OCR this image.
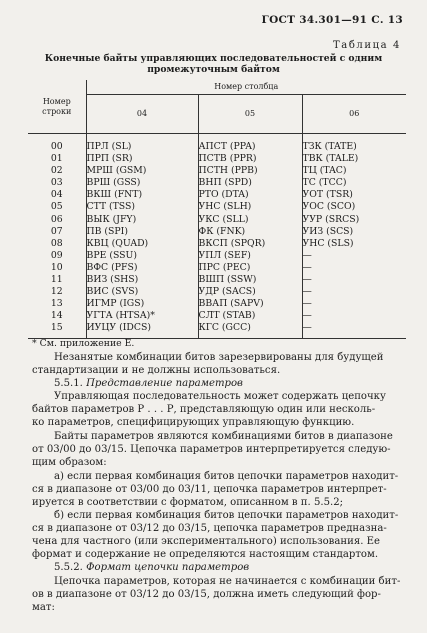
ГОСТ 34.301—91 С. 13
Таблица 4
Конечные байты управляющих последовательностей с одним
промежуточным байтом
Номер
строки	Номер столбца		
	04	05	06
00	ПРЛ (SL)	АПСТ (PPA)	ТЗК (TATE)
01	ПРП (SR)	ПСТВ (PPR)	ТВК (TALE)
02	МРШ (GSM)	ПСТН (PPB)	ТЦ (TAC)
03	ВРШ (GSS)	ВНП (SPD)	ТС (TCC)
04	ВКШ (FNT)	РТО (DTA)	УОТ (TSR)
05	СТТ (TSS)	УНС (SLH)	УОС (SCO)
06	ВЫК (JFY)	УКС (SLL)	УУР (SRCS)
07	ПВ (SPI)	ФК (FNK)	УИЗ (SCS)
08	КВЦ (QUAD)	ВКСП (SPQR)	УНС (SLS)
09	ВРЕ (SSU)	УПЛ (SEF)	—
10	ВФС (PFS)	ПРС (PEC)	—
11	ВИЗ (SHS)	ВШП (SSW)	—
12	ВИС (SVS)	УДР (SACS)	—
13	ИГМР (IGS)	ВВАП (SAPV)	—
14	УГТА (HTSA)*	СЛТ (STAB)	—
15	ИУЦУ (IDCS)	КГС (GCC)	—
* См. приложение Е.
Незанятые комбинации битов зарезервированы для будущей
стандартизации и не должны использоваться.
5.5.1. Представление параметров
Управляющая последовательность может содержать цепочку
байтов параметров Р . . . Р, представляющую один или несколь-
ко параметров, специфицирующих управляющую функцию.
Байты параметров являются комбинациями битов в диапазоне
от 03/00 до 03/15. Цепочка параметров интерпретируется следую-
щим образом:
а) если первая комбинация битов цепочки параметров находит-
ся в диапазоне от 03/00 до 03/11, цепочка параметров интерпрет-
ируется в соответствии с форматом, описанном в п. 5.5.2;
б) если первая комбинация битов цепочки параметров находит-
ся в диапазоне от 03/12 до 03/15, цепочка параметров предназна-
чена для частного (или экспериментального) использования. Ее
формат и содержание не определяются настоящим стандартом.
5.5.2. Формат цепочки параметров
Цепочка параметров, которая не начинается с комбинации бит-
ов в диапазоне от 03/12 до 03/15, должна иметь следующий фор-
мат:
